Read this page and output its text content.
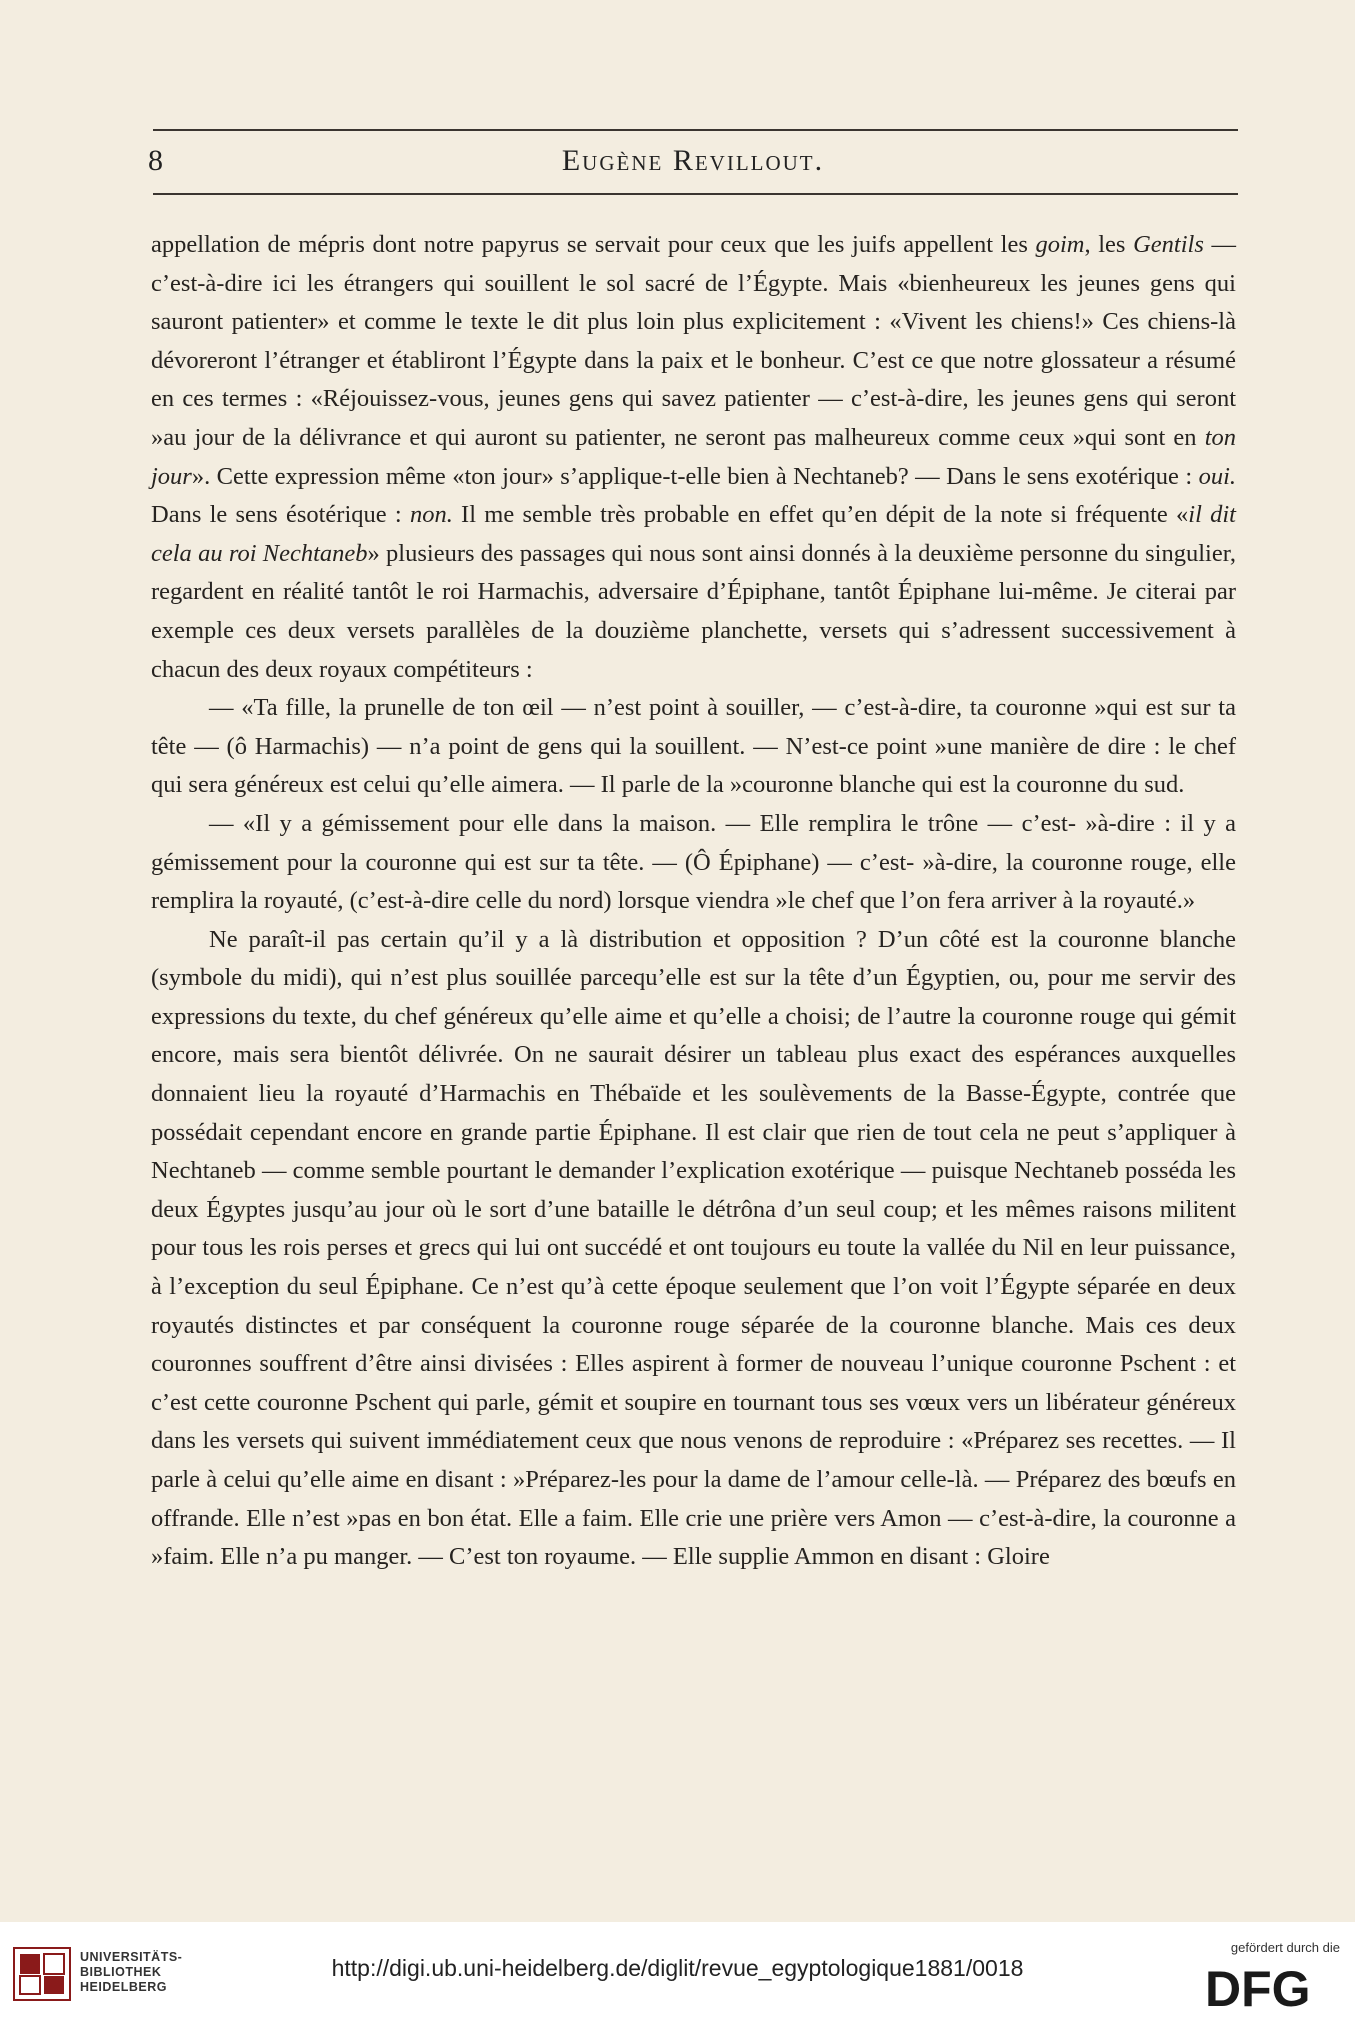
8	Eugène Revillout.

appellation de mépris dont notre papyrus se servait pour ceux que les juifs appellent les goim, les Gentils — c’est-à-dire ici les étrangers qui souillent le sol sacré de l’Égypte. Mais «bienheureux les jeunes gens qui sauront patienter» et comme le texte le dit plus loin plus explicitement : «Vivent les chiens!» Ces chiens-là dévoreront l’étranger et établiront l’Égypte dans la paix et le bonheur. C’est ce que notre glossateur a résumé en ces termes : «Réjouissez-vous, jeunes gens qui savez patienter — c’est-à-dire, les jeunes gens qui seront »au jour de la délivrance et qui auront su patienter, ne seront pas malheureux comme ceux »qui sont en ton jour». Cette expression même «ton jour» s’applique-t-elle bien à Nechtaneb? — Dans le sens exotérique : oui. Dans le sens ésotérique : non. Il me semble très probable en effet qu’en dépit de la note si fréquente «il dit cela au roi Nechtaneb» plusieurs des passages qui nous sont ainsi donnés à la deuxième personne du singulier, regardent en réalité tantôt le roi Harmachis, adversaire d’Épiphane, tantôt Épiphane lui-même. Je citerai par exemple ces deux versets parallèles de la douzième planchette, versets qui s’adressent successivement à chacun des deux royaux compétiteurs :

— «Ta fille, la prunelle de ton œil — n’est point à souiller, — c’est-à-dire, ta couronne »qui est sur ta tête — (ô Harmachis) — n’a point de gens qui la souillent. — N’est-ce point »une manière de dire : le chef qui sera généreux est celui qu’elle aimera. — Il parle de la »couronne blanche qui est la couronne du sud.

— «Il y a gémissement pour elle dans la maison. — Elle remplira le trône — c’est- »à-dire : il y a gémissement pour la couronne qui est sur ta tête. — (Ô Épiphane) — c’est- »à-dire, la couronne rouge, elle remplira la royauté, (c’est-à-dire celle du nord) lorsque viendra »le chef que l’on fera arriver à la royauté.»

Ne paraît-il pas certain qu’il y a là distribution et opposition ? D’un côté est la couronne blanche (symbole du midi), qui n’est plus souillée parcequ’elle est sur la tête d’un Égyptien, ou, pour me servir des expressions du texte, du chef généreux qu’elle aime et qu’elle a choisi; de l’autre la couronne rouge qui gémit encore, mais sera bientôt délivrée. On ne saurait désirer un tableau plus exact des espérances auxquelles donnaient lieu la royauté d’Harmachis en Thébaïde et les soulèvements de la Basse-Égypte, contrée que possédait cependant encore en grande partie Épiphane. Il est clair que rien de tout cela ne peut s’appliquer à Nechtaneb — comme semble pourtant le demander l’explication exotérique — puisque Nechtaneb posséda les deux Égyptes jusqu’au jour où le sort d’une bataille le détrôna d’un seul coup; et les mêmes raisons militent pour tous les rois perses et grecs qui lui ont succédé et ont toujours eu toute la vallée du Nil en leur puissance, à l’exception du seul Épiphane. Ce n’est qu’à cette époque seulement que l’on voit l’Égypte séparée en deux royautés distinctes et par conséquent la couronne rouge séparée de la couronne blanche. Mais ces deux couronnes souffrent d’être ainsi divisées : Elles aspirent à former de nouveau l’unique couronne Pschent : et c’est cette couronne Pschent qui parle, gémit et soupire en tournant tous ses vœux vers un libérateur généreux dans les versets qui suivent immédiatement ceux que nous venons de reproduire : «Préparez ses recettes. — Il parle à celui qu’elle aime en disant : »Préparez-les pour la dame de l’amour celle-là. — Préparez des bœufs en offrande. Elle n’est »pas en bon état. Elle a faim. Elle crie une prière vers Amon — c’est-à-dire, la couronne a »faim. Elle n’a pu manger. — C’est ton royaume. — Elle supplie Ammon en disant : Gloire

UNIVERSITÄTS-
BIBLIOTHEK
HEIDELBERG
http://digi.ub.uni-heidelberg.de/diglit/revue_egyptologique1881/0018
gefördert durch die
DFG
